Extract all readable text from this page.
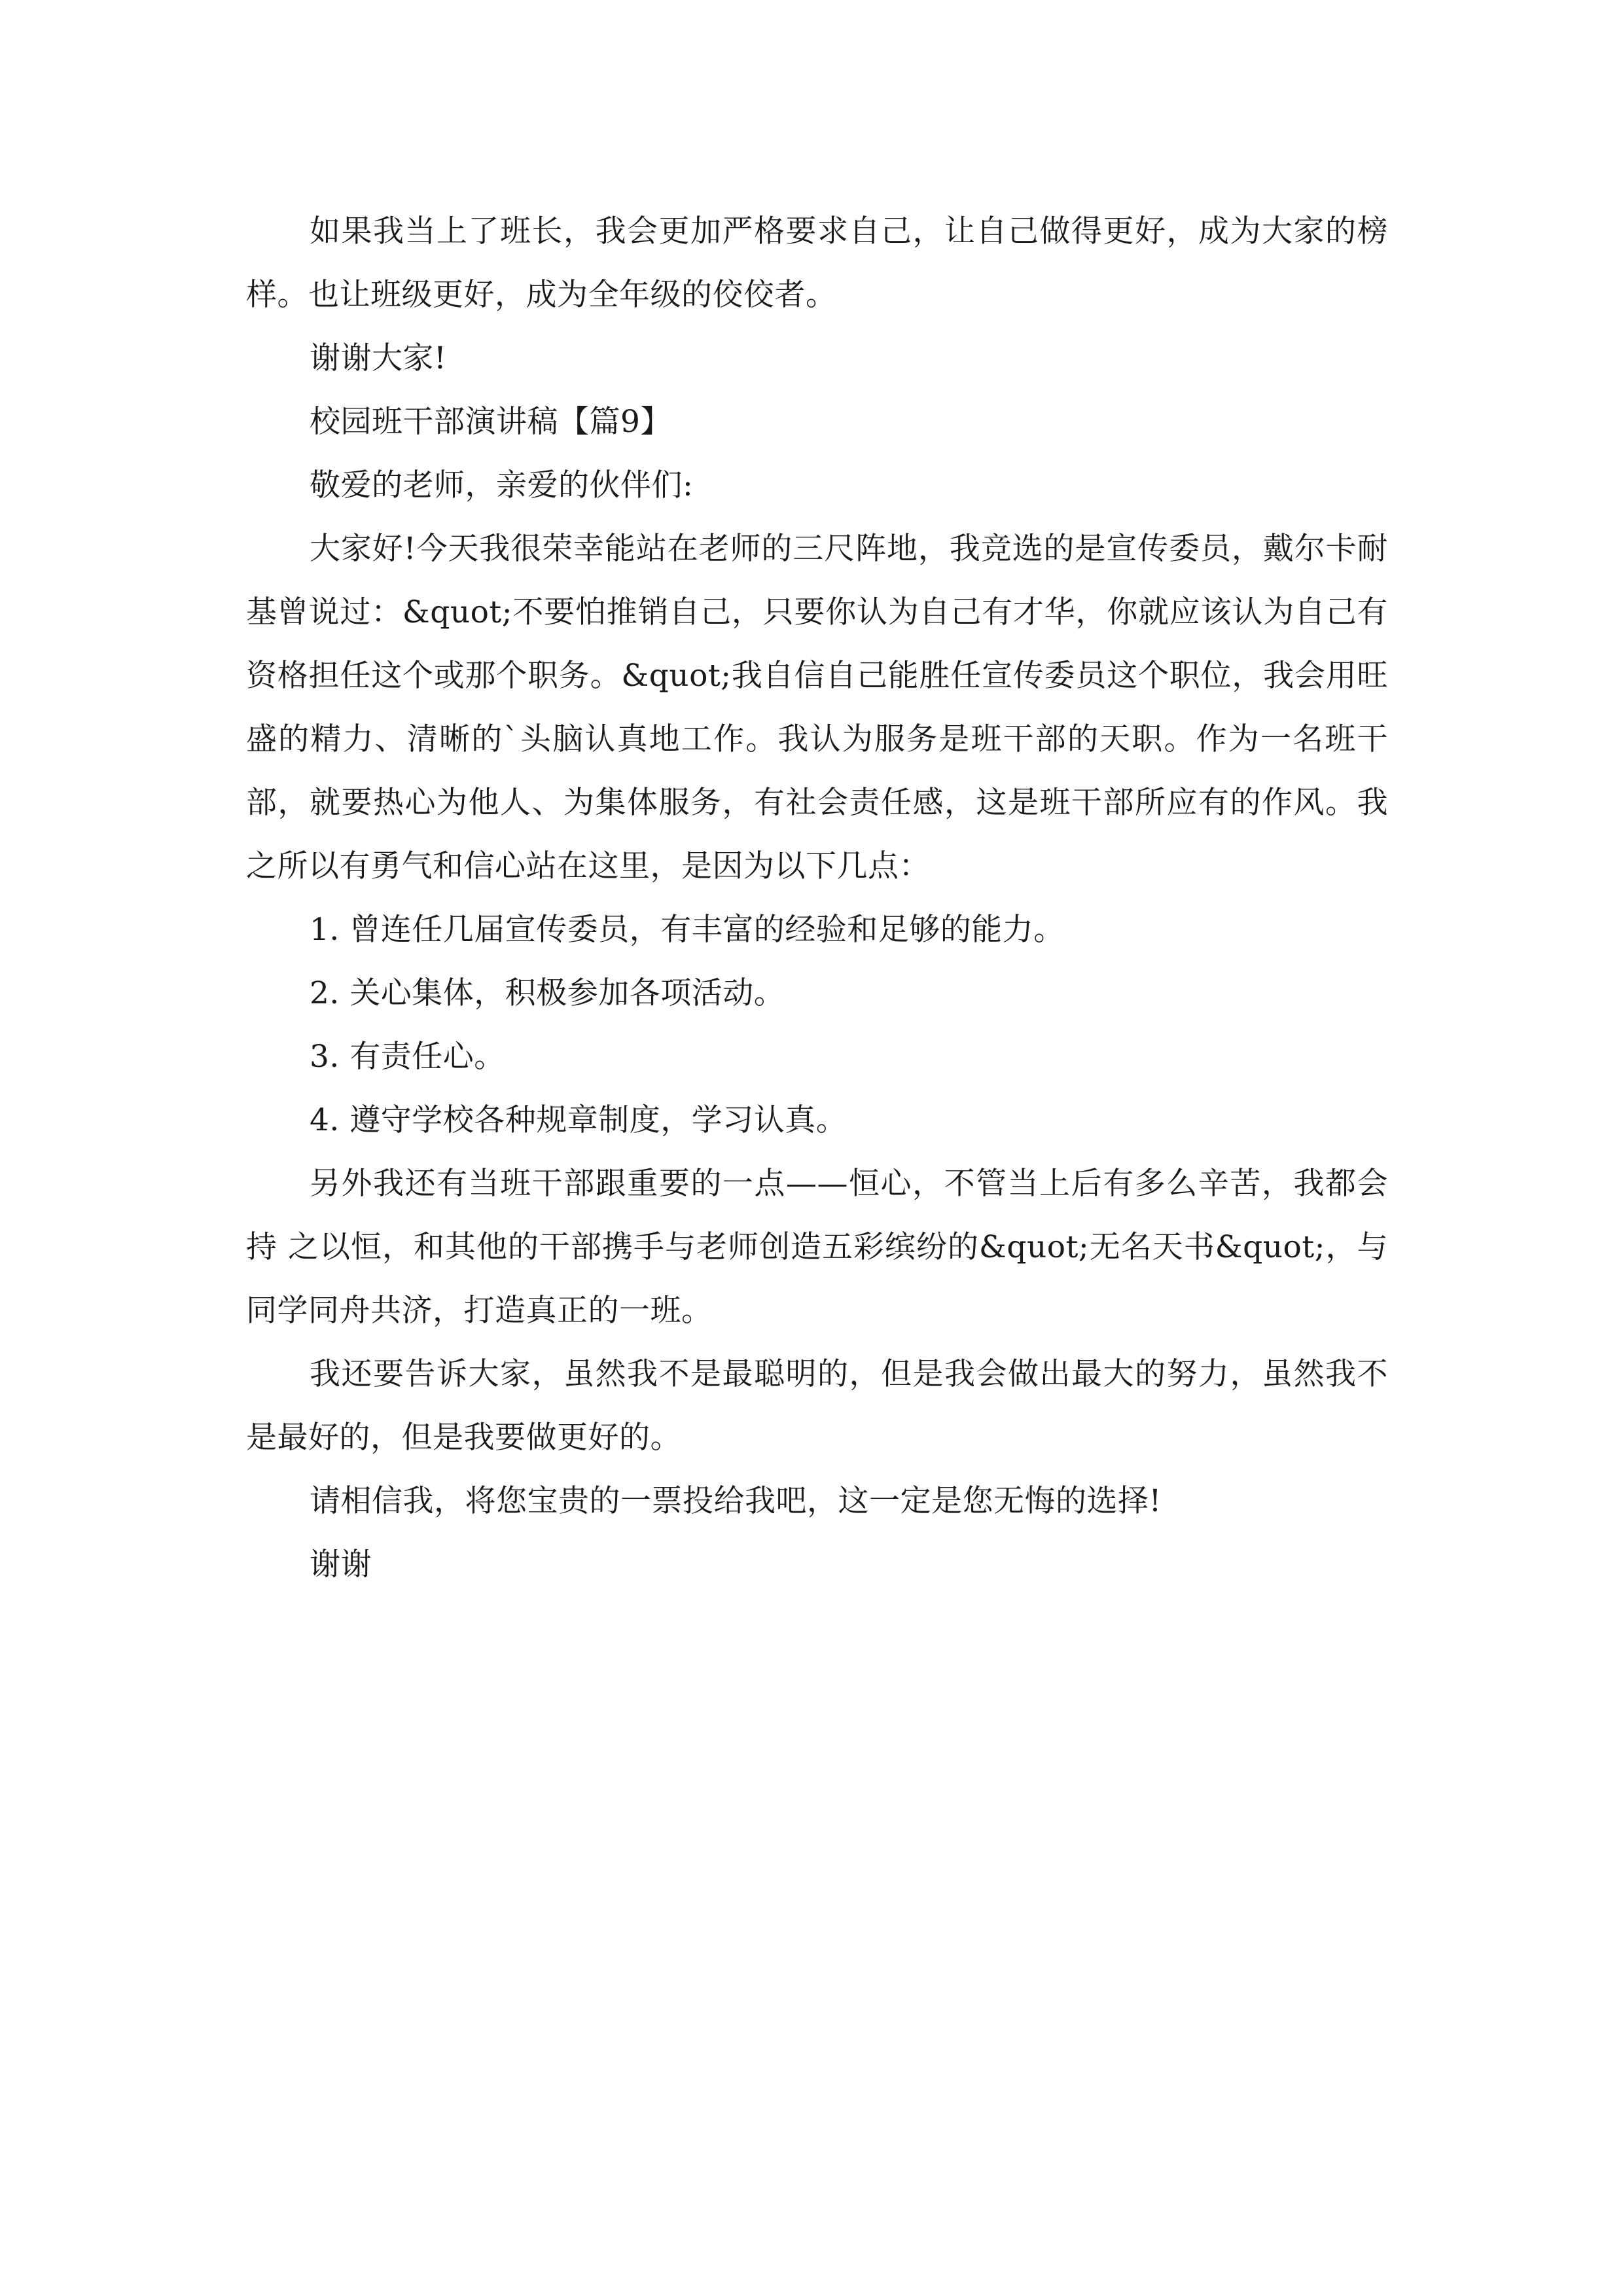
如果我当上了班长，我会更加严格要求自己，让自己做得更好，成为大家的榜样。也让班级更好，成为全年级的佼佼者。

谢谢大家!

校园班干部演讲稿【篇9】

敬爱的老师，亲爱的伙伴们:

大家好!今天我很荣幸能站在老师的三尺阵地，我竞选的是宣传委员，戴尔卡耐基曾说过：&quot;不要怕推销自己，只要你认为自己有才华，你就应该认为自己有资格担任这个或那个职务。&quot;我自信自己能胜任宣传委员这个职位，我会用旺盛的精力、清晰的`头脑认真地工作。我认为服务是班干部的天职。作为一名班干部，就要热心为他人、为集体服务，有社会责任感，这是班干部所应有的作风。我之所以有勇气和信心站在这里，是因为以下几点：

1. 曾连任几届宣传委员，有丰富的经验和足够的能力。

2. 关心集体，积极参加各项活动。

3. 有责任心。

4. 遵守学校各种规章制度，学习认真。

另外我还有当班干部跟重要的一点——恒心，不管当上后有多么辛苦，我都会持 之以恒，和其他的干部携手与老师创造五彩缤纷的&quot;无名天书&quot;，与同学同舟共济，打造真正的一班。

我还要告诉大家，虽然我不是最聪明的，但是我会做出最大的努力，虽然我不是最好的，但是我要做更好的。

请相信我，将您宝贵的一票投给我吧，这一定是您无悔的选择!

谢谢
